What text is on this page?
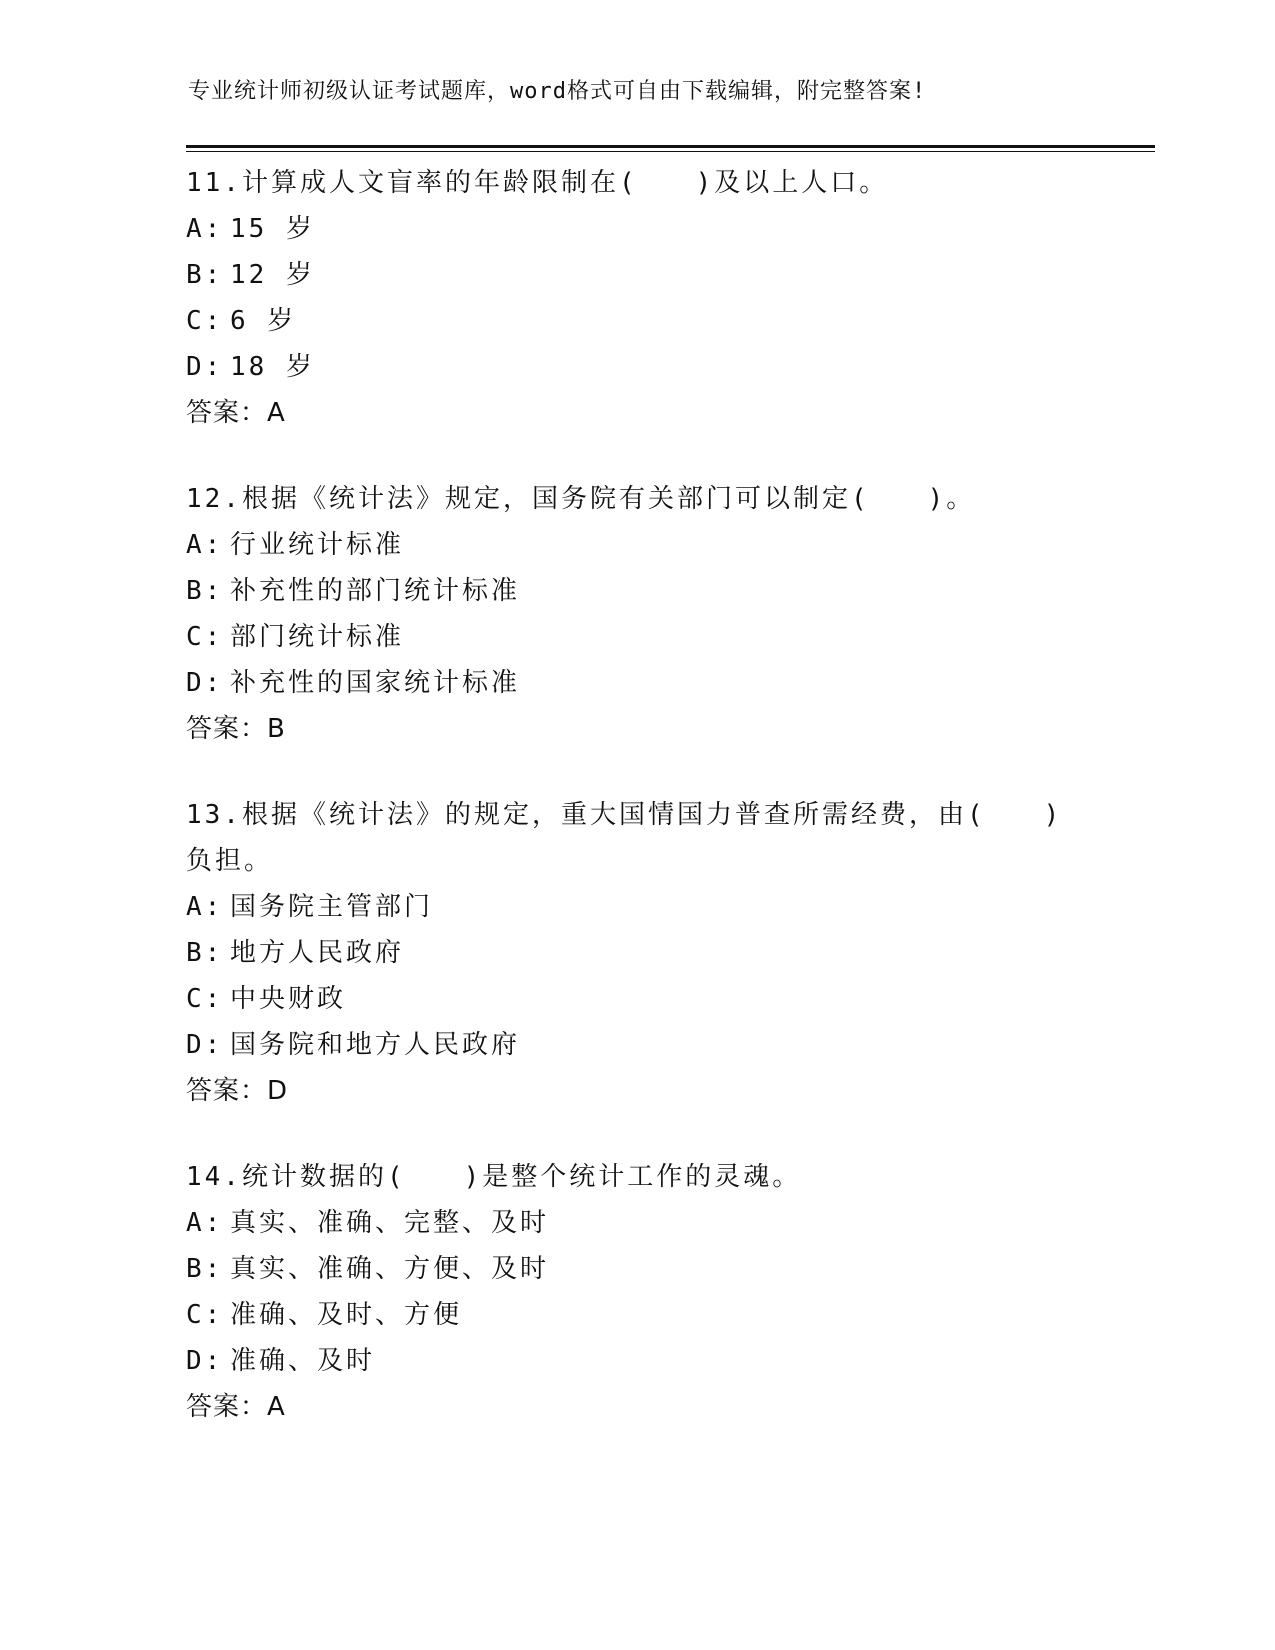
专业统计师初级认证考试题库，word格式可自由下载编辑，附完整答案!
11.计算成人文盲率的年龄限制在(　　)及以上人口。
A: 15 岁
B: 12 岁
C: 6 岁
D: 18 岁
答案：A
12.根据《统计法》规定，国务院有关部门可以制定(　　)。
A: 行业统计标准
B: 补充性的部门统计标准
C: 部门统计标准
D: 补充性的国家统计标准
答案：B
13.根据《统计法》的规定，重大国情国力普查所需经费，由(　　)负担。
A: 国务院主管部门
B: 地方人民政府
C: 中央财政
D: 国务院和地方人民政府
答案：D
14.统计数据的(　　)是整个统计工作的灵魂。
A: 真实、准确、完整、及时
B: 真实、准确、方便、及时
C: 准确、及时、方便
D: 准确、及时
答案：A
